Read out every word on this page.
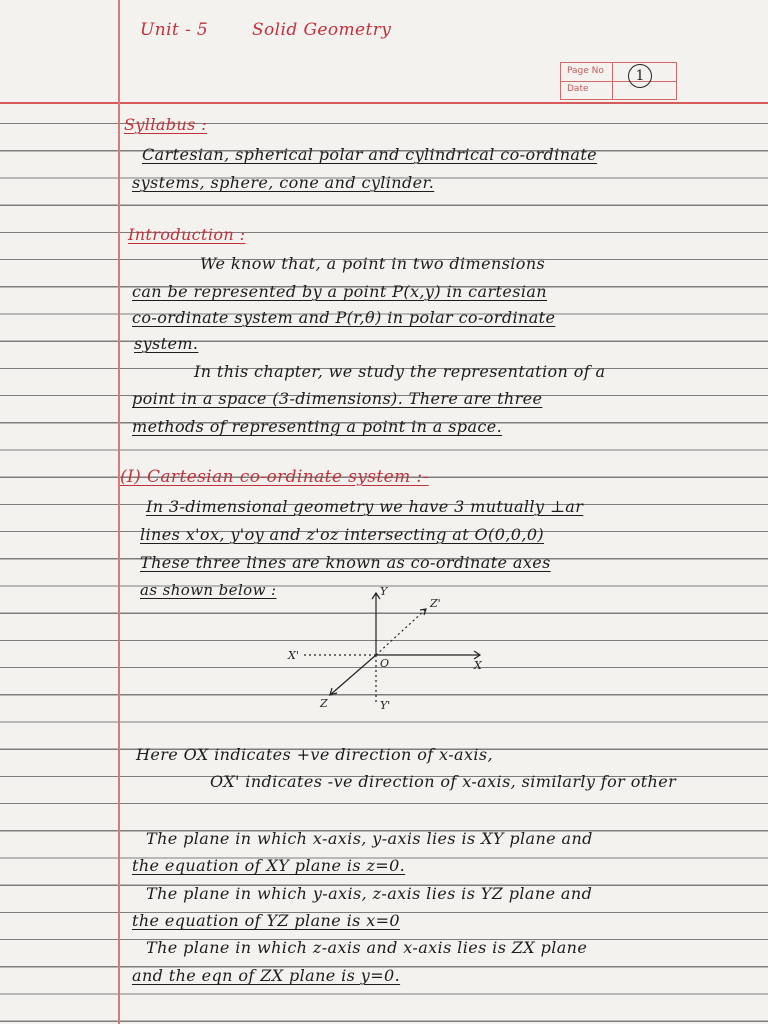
Unit - 5	Solid Geometry
Page No
Date
1
Syllabus :
Cartesian, spherical polar and cylindrical co-ordinate
systems, sphere, cone and cylinder.
Introduction :
We know that, a point in two dimensions
can be represented by a point P(x,y) in cartesian
co-ordinate system and P(r,θ) in polar co-ordinate
system.
In this chapter, we study the representation of a
point in a space (3-dimensions). There are three
methods of representing a point in a space.
(I) Cartesian co-ordinate system :-
In 3-dimensional geometry we have 3 mutually ⊥ar
lines x'ox, y'oy and z'oz intersecting at O(0,0,0)
These three lines are known as co-ordinate axes
as shown below :	Y
Y'
X
X'
Z
Z'
O
Here OX indicates +ve direction of x-axis,
OX' indicates -ve direction of x-axis, similarly for other
The plane in which x-axis, y-axis lies is XY plane and
the equation of XY plane is z=0.
The plane in which y-axis, z-axis lies is YZ plane and
the equation of YZ plane is x=0
The plane in which z-axis and x-axis lies is ZX plane
and the eqn of ZX plane is y=0.
